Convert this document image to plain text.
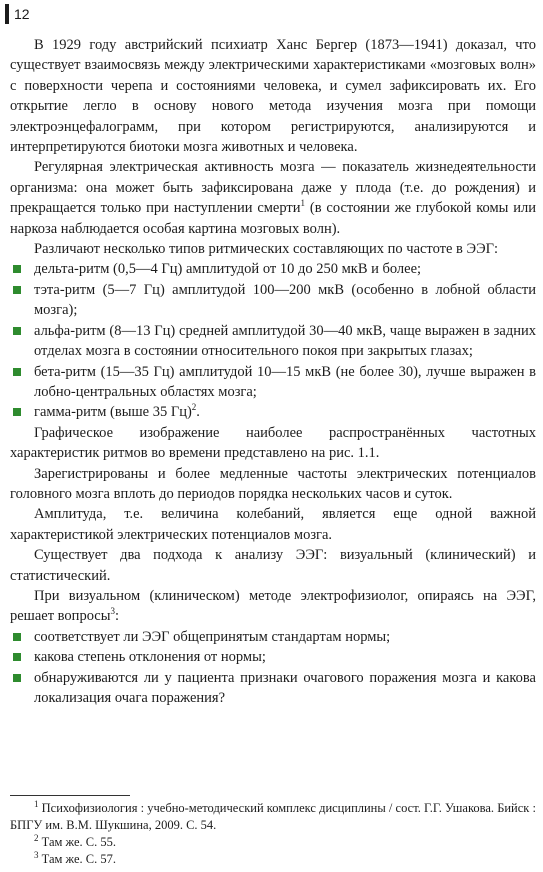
12

В 1929 году австрийский психиатр Ханс Бергер (1873—1941) доказал, что существует взаимосвязь между электрическими характеристиками «мозговых волн» с поверхности черепа и состояниями человека, и сумел зафиксировать их. Его открытие легло в основу нового метода изучения мозга при помощи электроэнцефалограмм, при котором регистрируются, анализируются и интерпретируются биотоки мозга животных и человека.

Регулярная электрическая активность мозга — показатель жизнедеятельности организма: она может быть зафиксирована даже у плода (т.е. до рождения) и прекращается только при наступлении смерти$^1$ (в состоянии же глубокой комы или наркоза наблюдается особая картина мозговых волн).

Различают несколько типов ритмических составляющих по частоте в ЭЭГ:

дельта-ритм (0,5—4 Гц) амплитудой от 10 до 250 мкВ и более;
тэта-ритм (5—7 Гц) амплитудой 100—200 мкВ (особенно в лобной области мозга);
альфа-ритм (8—13 Гц) средней амплитудой 30—40 мкВ, чаще выражен в задних отделах мозга в состоянии относительного покоя при закрытых глазах;
бета-ритм (15—35 Гц) амплитудой 10—15 мкВ (не более 30), лучше выражен в лобно-центральных областях мозга;
гамма-ритм (выше 35 Гц)$^2$.

Графическое изображение наиболее распространённых частотных характеристик ритмов во времени представлено на рис. 1.1.

Зарегистрированы и более медленные частоты электрических потенциалов головного мозга вплоть до периодов порядка нескольких часов и суток.

Амплитуда, т.е. величина колебаний, является еще одной важной характеристикой электрических потенциалов мозга.

Существует два подхода к анализу ЭЭГ: визуальный (клинический) и статистический.

При визуальном (клиническом) методе электрофизиолог, опираясь на ЭЭГ, решает вопросы$^3$:

соответствует ли ЭЭГ общепринятым стандартам нормы;
какова степень отклонения от нормы;
обнаруживаются ли у пациента признаки очагового поражения мозга и какова локализация очага поражения?

$^1$ Психофизиология : учебно-методический комплекс дисциплины / сост. Г.Г. Ушакова. Бийск : БПГУ им. В.М. Шукшина, 2009. С. 54.

$^2$ Там же. С. 55.

$^3$ Там же. С. 57.
